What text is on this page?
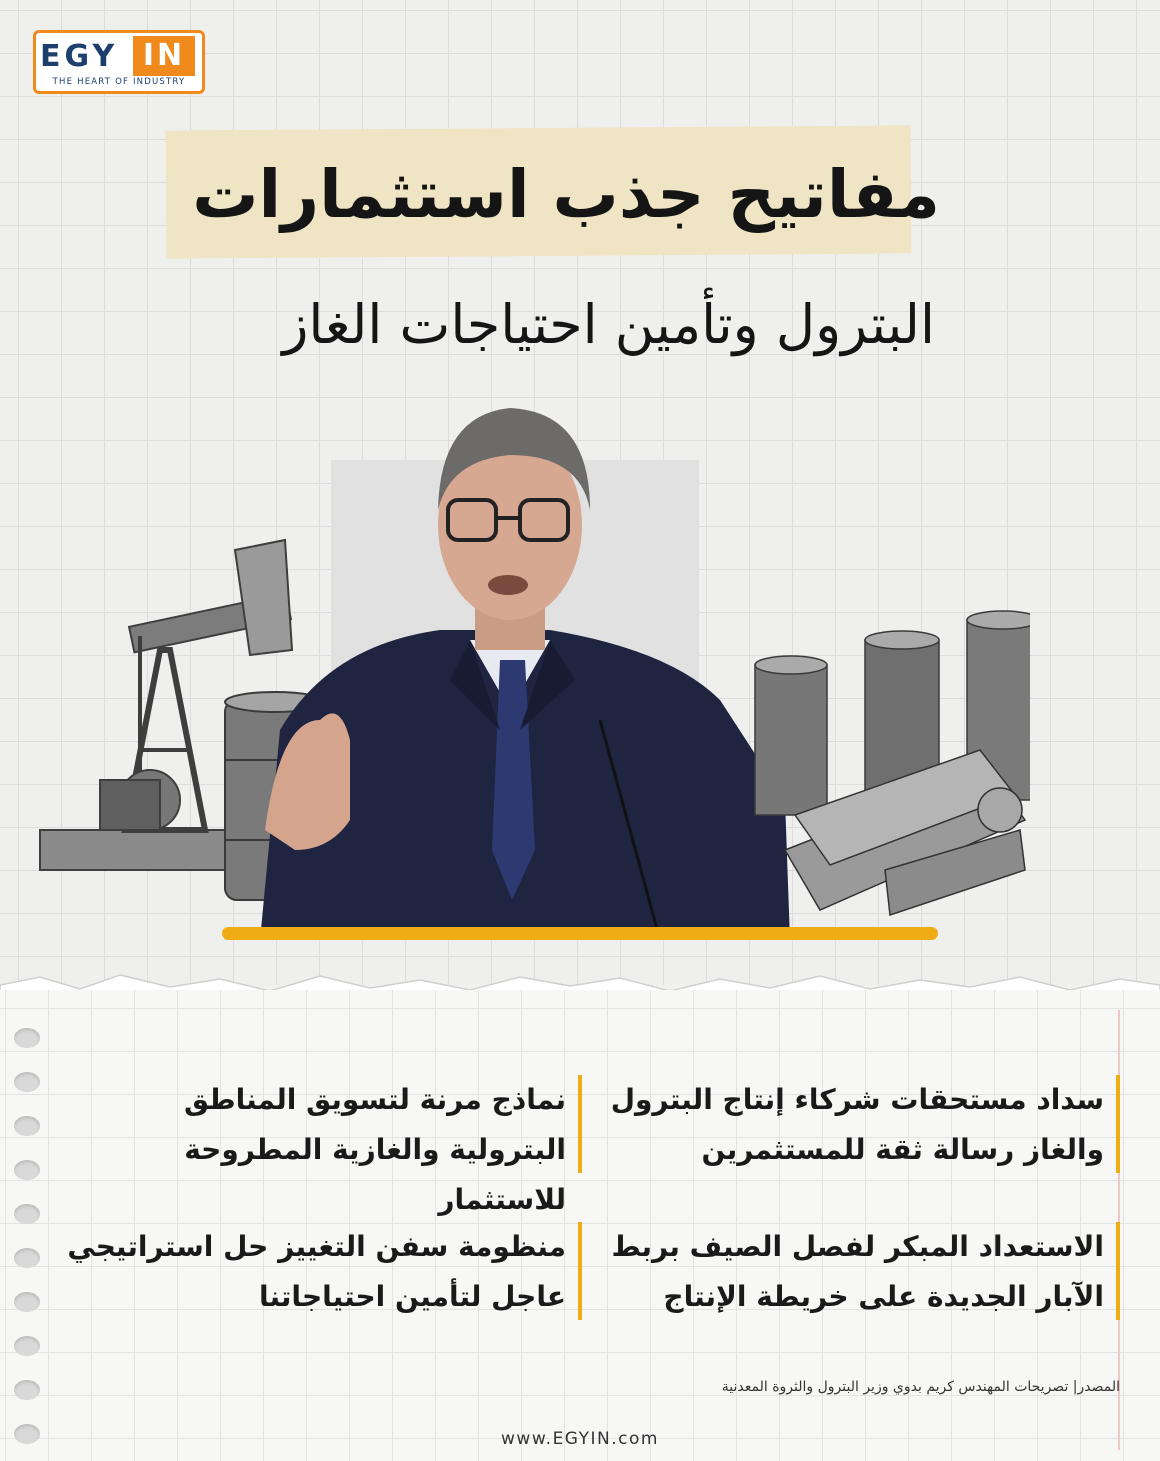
EGY IN
THE HEART OF INDUSTRY
مفاتيح جذب استثمارات
البترول وتأمين احتياجات الغاز
سداد مستحقات شركاء إنتاج البترول والغاز رسالة ثقة للمستثمرين
نماذج مرنة لتسويق المناطق البترولية والغازية المطروحة للاستثمار
الاستعداد المبكر لفصل الصيف بربط الآبار الجديدة على خريطة الإنتاج
منظومة سفن التغييز حل استراتيجي عاجل لتأمين احتياجاتنا
المصدر| تصريحات المهندس كريم بدوي وزير البترول والثروة المعدنية
www.EGYIN.com
